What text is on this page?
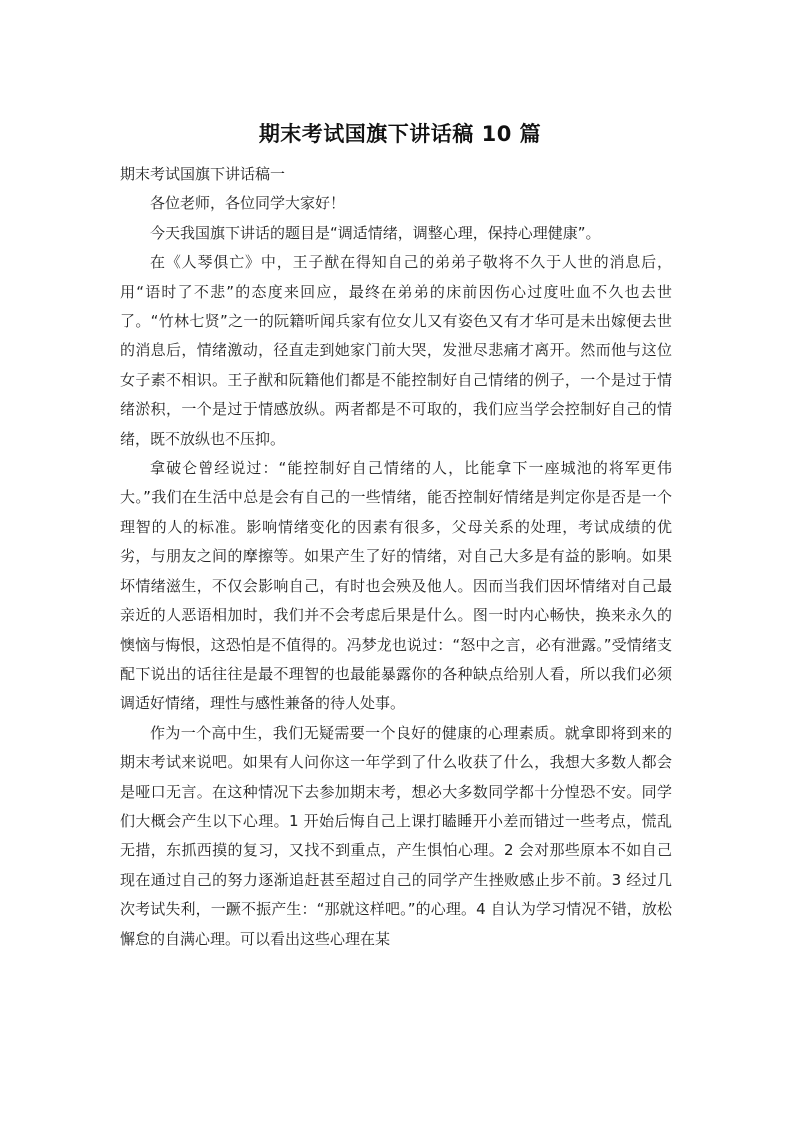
期末考试国旗下讲话稿 10 篇

期末考试国旗下讲话稿一

各位老师，各位同学大家好！

今天我国旗下讲话的题目是“调适情绪，调整心理，保持心理健康”。

在《人琴俱亡》中，王子猷在得知自己的弟弟子敬将不久于人世的消息后，用“语时了不悲”的态度来回应，最终在弟弟的床前因伤心过度吐血不久也去世了。“竹林七贤”之一的阮籍听闻兵家有位女儿又有姿色又有才华可是未出嫁便去世的消息后，情绪激动，径直走到她家门前大哭，发泄尽悲痛才离开。然而他与这位女子素不相识。王子猷和阮籍他们都是不能控制好自己情绪的例子，一个是过于情绪淤积，一个是过于情感放纵。两者都是不可取的，我们应当学会控制好自己的情绪，既不放纵也不压抑。

拿破仑曾经说过：“能控制好自己情绪的人，比能拿下一座城池的将军更伟大。”我们在生活中总是会有自己的一些情绪，能否控制好情绪是判定你是否是一个理智的人的标准。影响情绪变化的因素有很多，父母关系的处理，考试成绩的优劣，与朋友之间的摩擦等。如果产生了好的情绪，对自己大多是有益的影响。如果坏情绪滋生，不仅会影响自己，有时也会殃及他人。因而当我们因坏情绪对自己最亲近的人恶语相加时，我们并不会考虑后果是什么。图一时内心畅快，换来永久的懊恼与悔恨，这恐怕是不值得的。冯梦龙也说过：“怒中之言，必有泄露。”受情绪支配下说出的话往往是最不理智的也最能暴露你的各种缺点给别人看，所以我们必须调适好情绪，理性与感性兼备的待人处事。

作为一个高中生，我们无疑需要一个良好的健康的心理素质。就拿即将到来的期末考试来说吧。如果有人问你这一年学到了什么收获了什么，我想大多数人都会是哑口无言。在这种情况下去参加期末考，想必大多数同学都十分惶恐不安。同学们大概会产生以下心理。1 开始后悔自己上课打瞌睡开小差而错过一些考点，慌乱无措，东抓西摸的复习，又找不到重点，产生惧怕心理。2 会对那些原本不如自己现在通过自己的努力逐渐追赶甚至超过自己的同学产生挫败感止步不前。3 经过几次考试失利，一蹶不振产生：“那就这样吧。”的心理。4 自认为学习情况不错，放松懈怠的自满心理。可以看出这些心理在某
